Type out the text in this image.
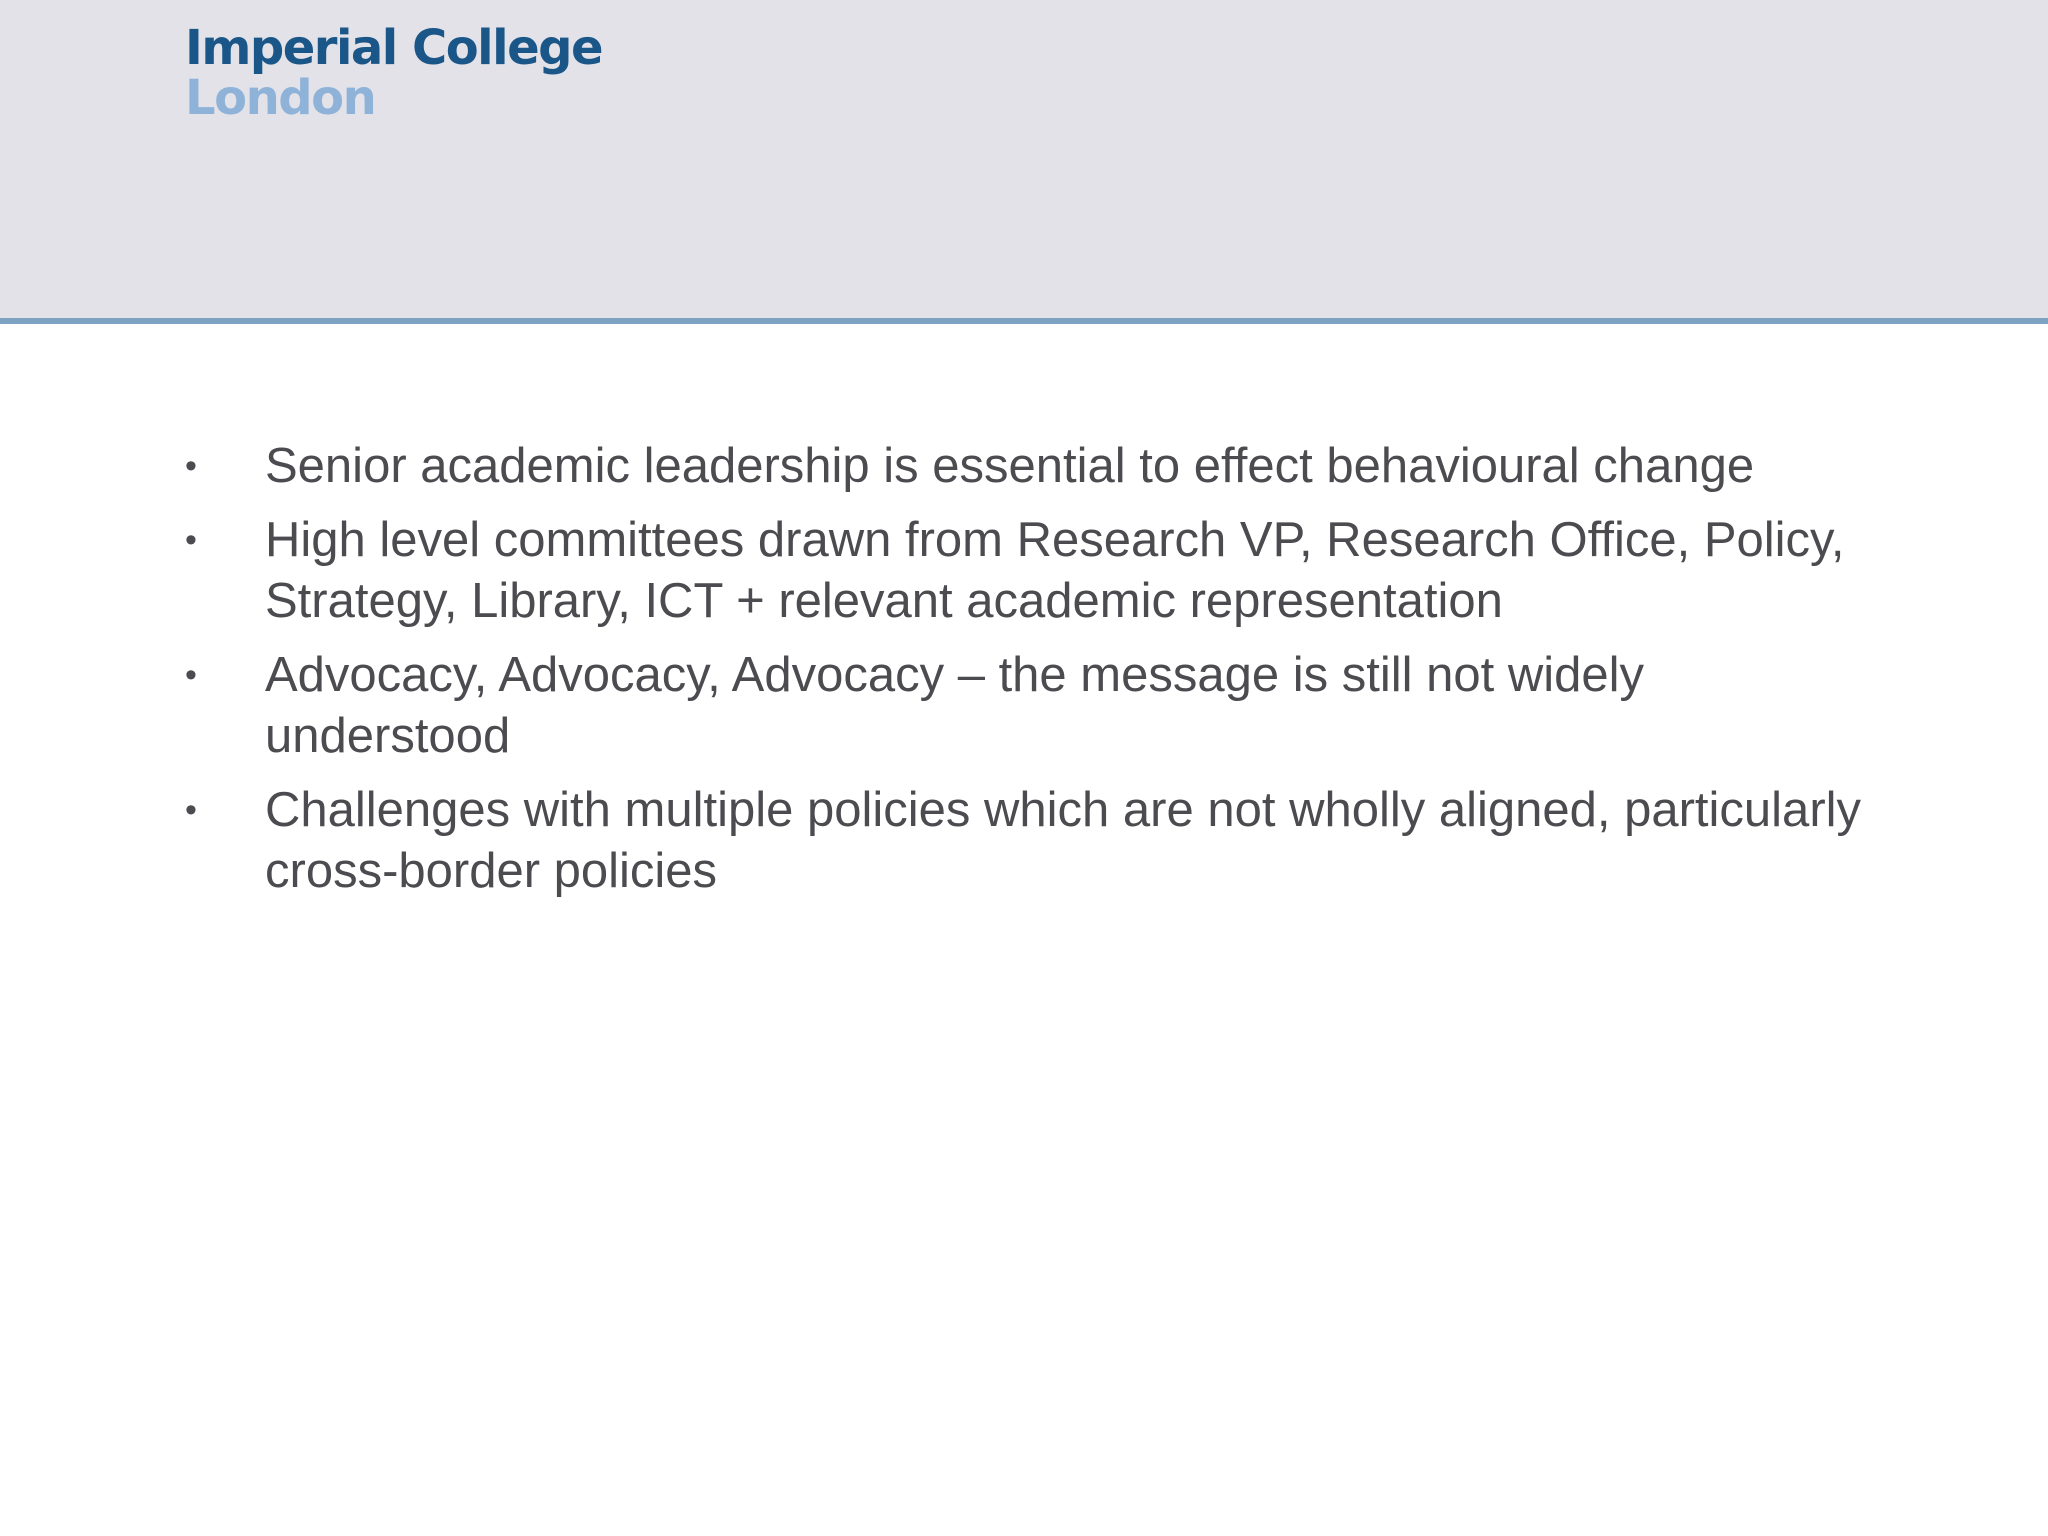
Imperial College
London
•	Senior academic leadership is essential to effect behavioural change
•	High level committees drawn from Research VP, Research Office, Policy, Strategy, Library, ICT + relevant academic representation
•	Advocacy, Advocacy, Advocacy – the message is still not widely understood
•	Challenges with multiple policies which are not wholly aligned, particularly cross-border policies
